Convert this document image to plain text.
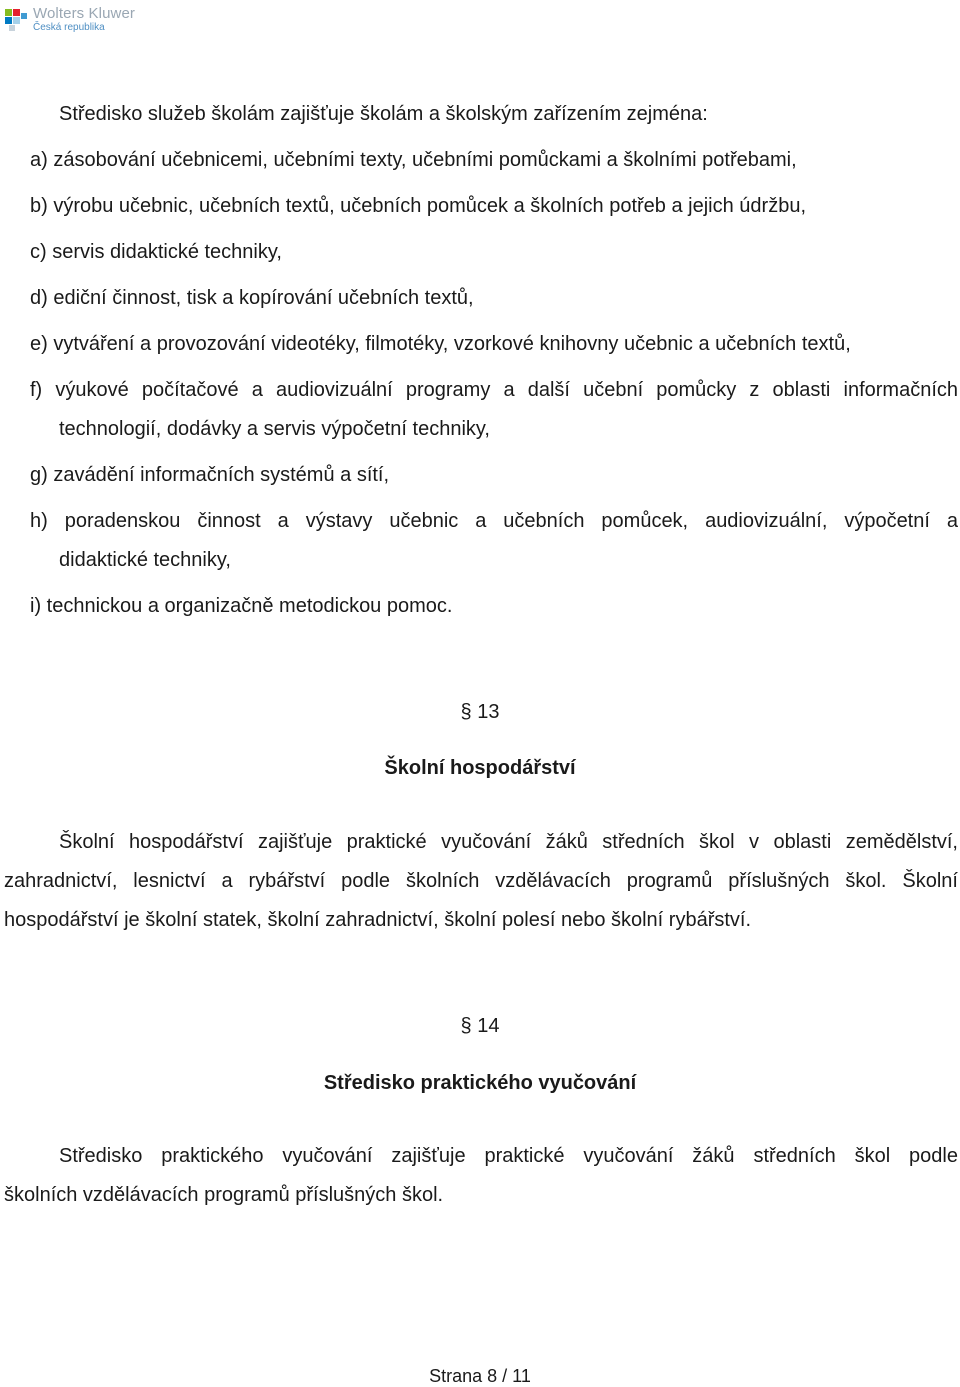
Wolters Kluwer
Česká republika
Středisko služeb školám zajišťuje školám a školským zařízením zejména:
a) zásobování učebnicemi, učebními texty, učebními pomůckami a školními potřebami,
b) výrobu učebnic, učebních textů, učebních pomůcek a školních potřeb a jejich údržbu,
c) servis didaktické techniky,
d) ediční činnost, tisk a kopírování učebních textů,
e) vytváření a provozování videotéky, filmotéky, vzorkové knihovny učebnic a učebních textů,
f) výukové počítačové a audiovizuální programy a další učební pomůcky z oblasti informačních
technologií, dodávky a servis výpočetní techniky,
g) zavádění informačních systémů a sítí,
h) poradenskou činnost a výstavy učebnic a učebních pomůcek, audiovizuální, výpočetní a
didaktické techniky,
i) technickou a organizačně metodickou pomoc.
§ 13
Školní hospodářství
Školní hospodářství zajišťuje praktické vyučování žáků středních škol v oblasti zemědělství,
zahradnictví, lesnictví a rybářství podle školních vzdělávacích programů příslušných škol. Školní
hospodářství je školní statek, školní zahradnictví, školní polesí nebo školní rybářství.
§ 14
Středisko praktického vyučování
Středisko praktického vyučování zajišťuje praktické vyučování žáků středních škol podle
školních vzdělávacích programů příslušných škol.
Strana 8 / 11
